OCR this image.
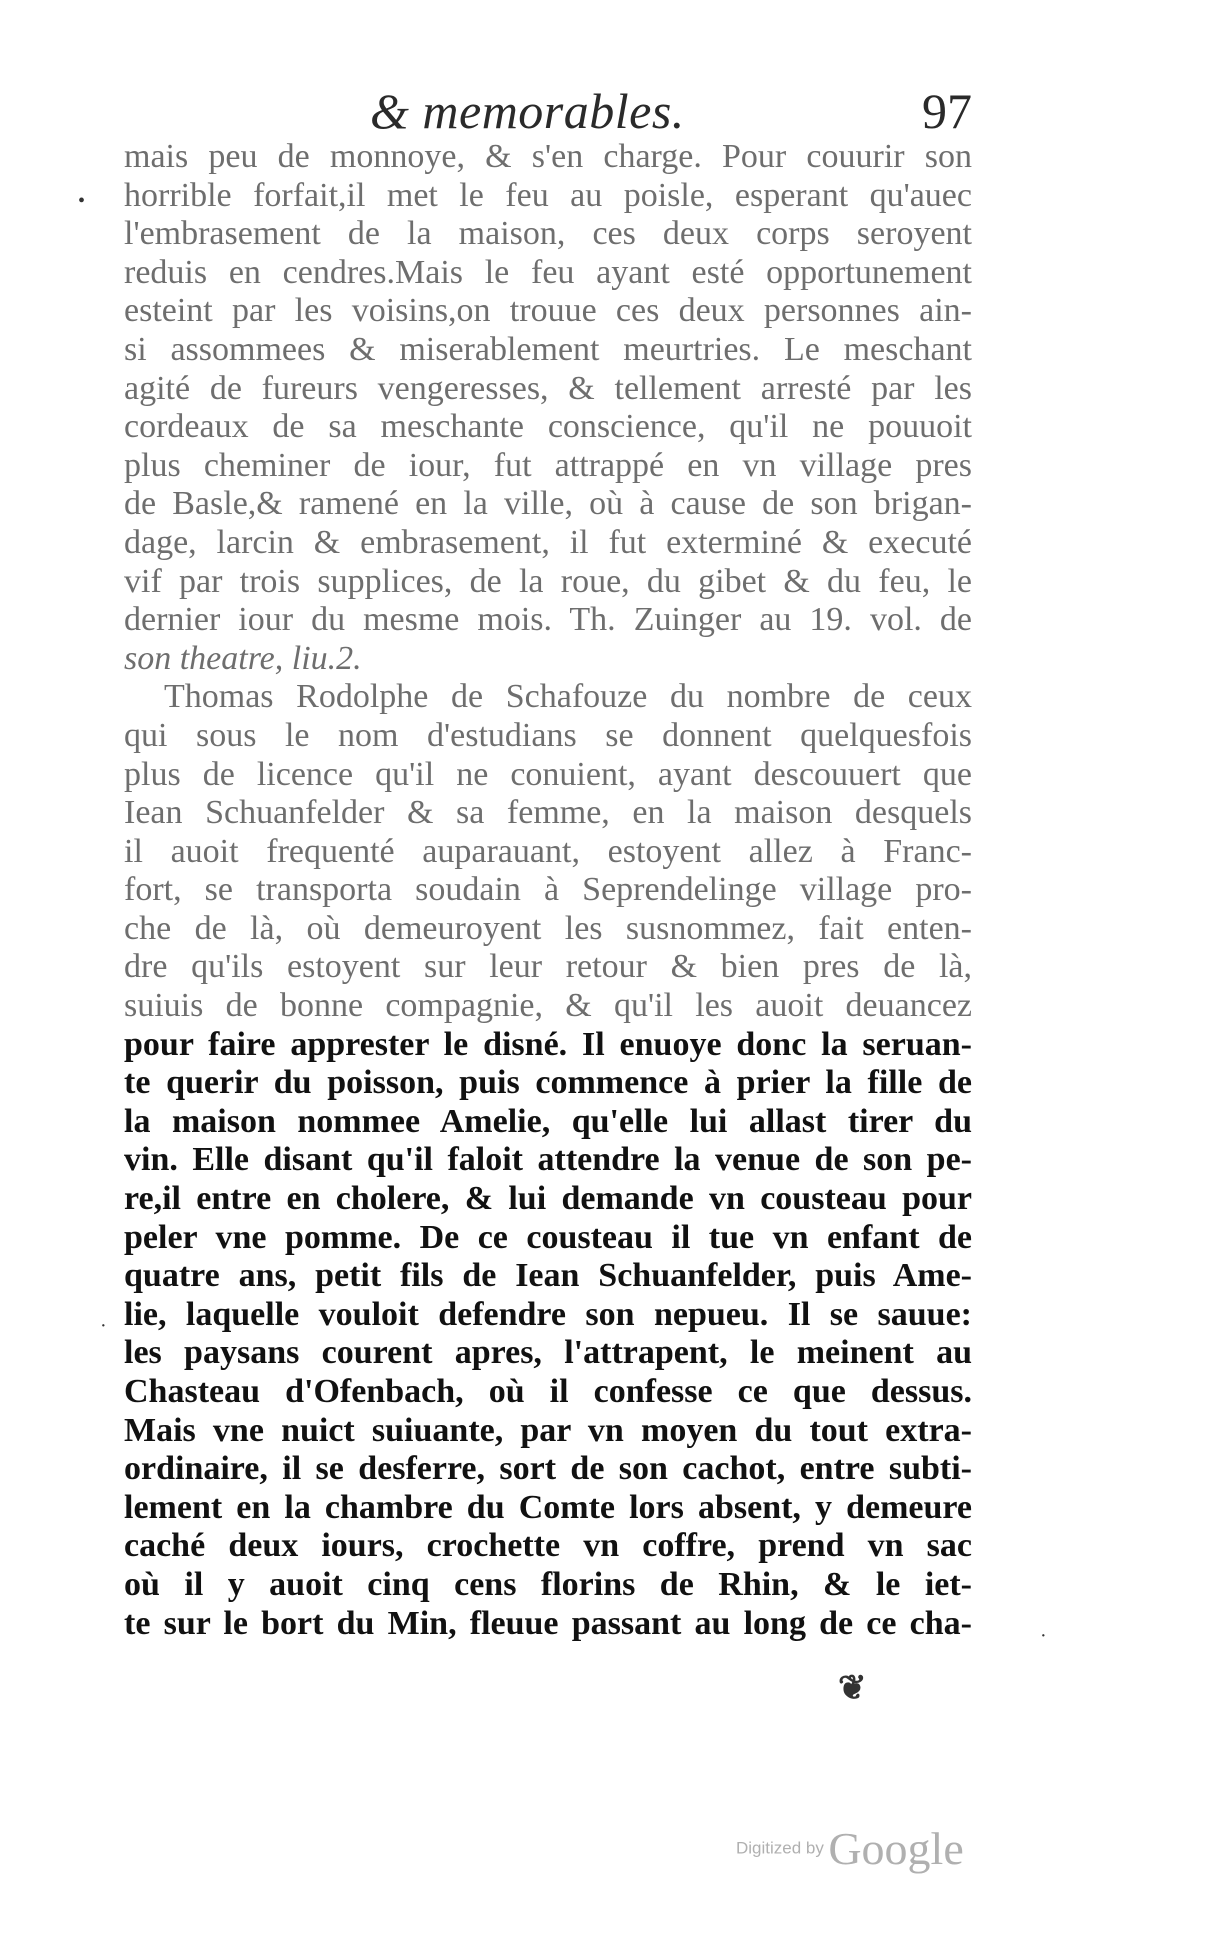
& memorables.	97
mais peu de monnoye, & s'en charge. Pour couurir son
horrible forfait,il met le feu au poisle, esperant qu'auec
l'embrasement de la maison, ces deux corps seroyent
reduis en cendres.Mais le feu ayant esté opportunement
esteint par les voisins,on trouue ces deux personnes ain-
si assommees & miserablement meurtries. Le meschant
agité de fureurs vengeresses, & tellement arresté par les
cordeaux de sa meschante conscience, qu'il ne pouuoit
plus cheminer de iour, fut attrappé en vn village pres
de Basle,& ramené en la ville, où à cause de son brigan-
dage, larcin & embrasement, il fut exterminé & executé
vif par trois supplices, de la roue, du gibet & du feu, le
dernier iour du mesme mois. Th. Zuinger au 19. vol. de
son theatre, liu.2.
Thomas Rodolphe de Schafouze du nombre de ceux
qui sous le nom d'estudians se donnent quelquesfois
plus de licence qu'il ne conuient, ayant descouuert que
Iean Schuanfelder & sa femme, en la maison desquels
il auoit frequenté auparauant, estoyent allez à Franc-
fort, se transporta soudain à Seprendelinge village pro-
che de là, où demeuroyent les susnommez, fait enten-
dre qu'ils estoyent sur leur retour & bien pres de là,
suiuis de bonne compagnie, & qu'il les auoit deuancez
pour faire apprester le disné. Il enuoye donc la seruan-
te querir du poisson, puis commence à prier la fille de
la maison nommee Amelie, qu'elle lui allast tirer du
vin. Elle disant qu'il faloit attendre la venue de son pe-
re,il entre en cholere, & lui demande vn cousteau pour
peler vne pomme. De ce cousteau il tue vn enfant de
quatre ans, petit fils de Iean Schuanfelder, puis Ame-
lie, laquelle vouloit defendre son nepueu. Il se sauue:
les paysans courent apres, l'attrapent, le meinent au
Chasteau d'Ofenbach, où il confesse ce que dessus.
Mais vne nuict suiuante, par vn moyen du tout extra-
ordinaire, il se desferre, sort de son cachot, entre subti-
lement en la chambre du Comte lors absent, y demeure
caché deux iours, crochette vn coffre, prend vn sac
où il y auoit cinq cens florins de Rhin, & le iet-
te sur le bort du Min, fleuue passant au long de ce cha-
•
·
·
❦
Digitized by Google
